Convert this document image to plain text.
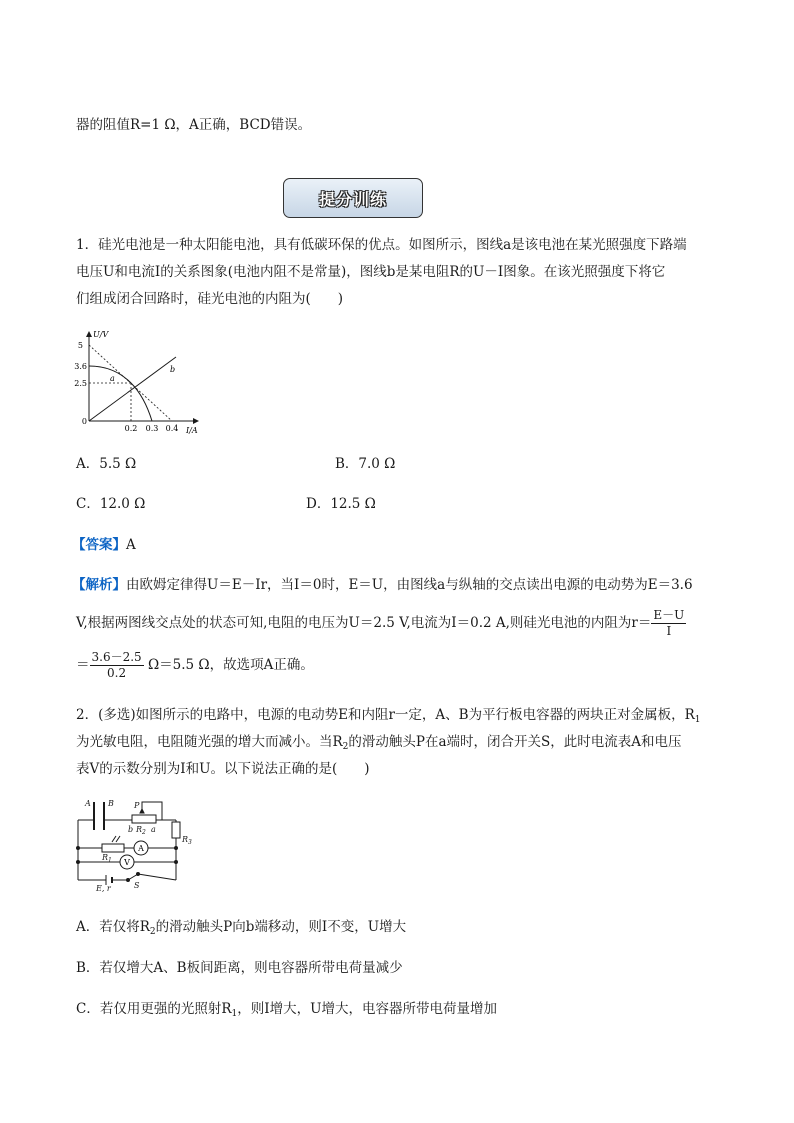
器的阻值R=1 Ω，A正确，BCD错误。
提分训练
1．硅光电池是一种太阳能电池，具有低碳环保的优点。如图所示，图线a是该电池在某光照强度下路端
电压U和电流I的关系图象(电池内阻不是常量)，图线b是某电阻R的U－I图象。在该光照强度下将它
们组成闭合回路时，硅光电池的内阻为(　　)
U/V
I/A
5
3.6
2.5
0
0.2 0.3 0.4
a
b
A．5.5 Ω	B．7.0 Ω
C．12.0 Ω	D．12.5 Ω
【答案】A
【解析】由欧姆定律得U＝E－Ir，当I＝0时，E＝U，由图线a与纵轴的交点读出电源的电动势为E＝3.6
V,根据两图线交点处的状态可知,电阻的电压为U＝2.5 V,电流为I＝0.2 A,则硅光电池的内阻为$r= \frac{E-U}{I}$
＝ $\frac{3.6-2.5}{0.2} \Omega=5.5$ Ω，故选项A正确。
2．(多选)如图所示的电路中，电源的电动势E和内阻r一定，A、B为平行板电容器的两块正对金属板，$R_1$
为光敏电阻，电阻随光强的增大而减小。当$R_2$的滑动触头P在a端时，闭合开关S，此时电流表A和电压
表V的示数分别为I和U。以下说法正确的是(　　)
A B	P
b $R_2$ a
$R_3$
$R_1$
E, r	S
A
V
A．若仅将$R_2$的滑动触头P向b端移动，则I不变，U增大
B．若仅增大A、B板间距离，则电容器所带电荷量减少
C．若仅用更强的光照射$R_1$，则I增大，U增大，电容器所带电荷量增加
